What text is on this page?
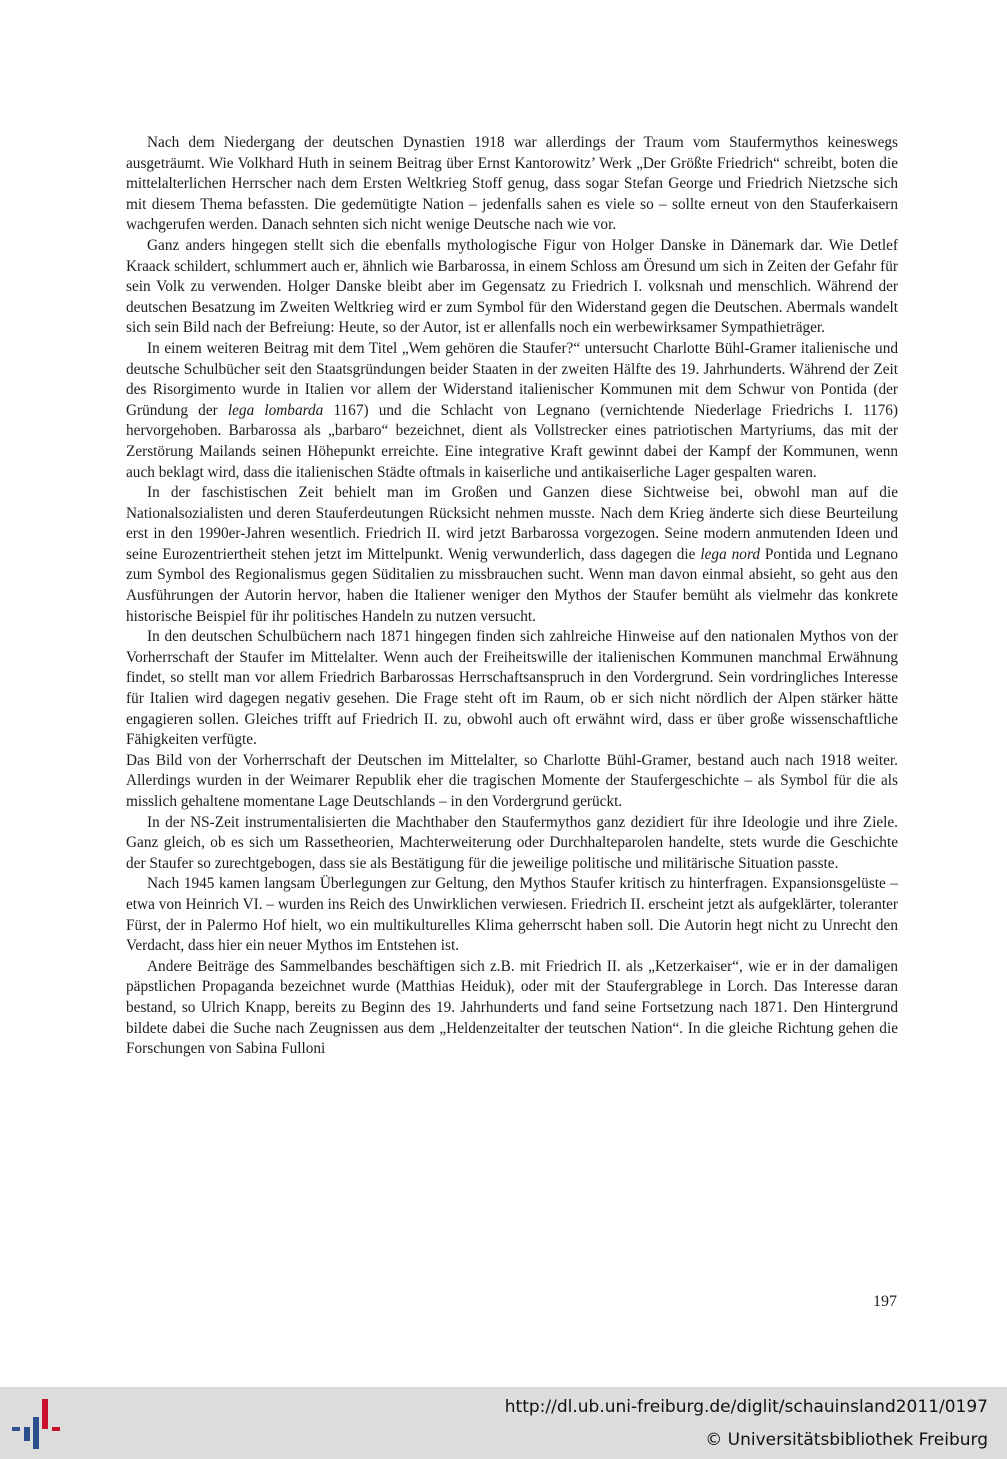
Nach dem Niedergang der deutschen Dynastien 1918 war allerdings der Traum vom Staufermythos keineswegs ausgeträumt. Wie Volkhard Huth in seinem Beitrag über Ernst Kantorowitz’ Werk „Der Größte Friedrich“ schreibt, boten die mittelalterlichen Herrscher nach dem Ersten Weltkrieg Stoff genug, dass sogar Stefan George und Friedrich Nietzsche sich mit diesem Thema befassten. Die gedemütigte Nation – jedenfalls sahen es viele so – sollte erneut von den Stauferkaisern wachgerufen werden. Danach sehnten sich nicht wenige Deutsche nach wie vor.

Ganz anders hingegen stellt sich die ebenfalls mythologische Figur von Holger Danske in Dänemark dar. Wie Detlef Kraack schildert, schlummert auch er, ähnlich wie Barbarossa, in einem Schloss am Öresund um sich in Zeiten der Gefahr für sein Volk zu verwenden. Holger Danske bleibt aber im Gegensatz zu Friedrich I. volksnah und menschlich. Während der deutschen Besatzung im Zweiten Weltkrieg wird er zum Symbol für den Widerstand gegen die Deutschen. Abermals wandelt sich sein Bild nach der Befreiung: Heute, so der Autor, ist er allenfalls noch ein werbewirksamer Sympathieträger.

In einem weiteren Beitrag mit dem Titel „Wem gehören die Staufer?“ untersucht Charlotte Bühl-Gramer italienische und deutsche Schulbücher seit den Staatsgründungen beider Staaten in der zweiten Hälfte des 19. Jahrhunderts. Während der Zeit des Risorgimento wurde in Italien vor allem der Widerstand italienischer Kommunen mit dem Schwur von Pontida (der Gründung der lega lombarda 1167) und die Schlacht von Legnano (vernichtende Niederlage Friedrichs I. 1176) hervorgehoben. Barbarossa als „barbaro“ bezeichnet, dient als Vollstrecker eines patriotischen Martyriums, das mit der Zerstörung Mailands seinen Höhepunkt erreichte. Eine integrative Kraft gewinnt dabei der Kampf der Kommunen, wenn auch beklagt wird, dass die italienischen Städte oftmals in kaiserliche und antikaiserliche Lager gespalten waren.

In der faschistischen Zeit behielt man im Großen und Ganzen diese Sichtweise bei, obwohl man auf die Nationalsozialisten und deren Stauferdeutungen Rücksicht nehmen musste. Nach dem Krieg änderte sich diese Beurteilung erst in den 1990er-Jahren wesentlich. Friedrich II. wird jetzt Barbarossa vorgezogen. Seine modern anmutenden Ideen und seine Eurozentriertheit stehen jetzt im Mittelpunkt. Wenig verwunderlich, dass dagegen die lega nord Pontida und Legnano zum Symbol des Regionalismus gegen Süditalien zu missbrauchen sucht. Wenn man davon einmal absieht, so geht aus den Ausführungen der Autorin hervor, haben die Italiener weniger den Mythos der Staufer bemüht als vielmehr das konkrete historische Beispiel für ihr politisches Handeln zu nutzen versucht.

In den deutschen Schulbüchern nach 1871 hingegen finden sich zahlreiche Hinweise auf den nationalen Mythos von der Vorherrschaft der Staufer im Mittelalter. Wenn auch der Freiheitswille der italienischen Kommunen manchmal Erwähnung findet, so stellt man vor allem Friedrich Barbarossas Herrschaftsanspruch in den Vordergrund. Sein vordringliches Interesse für Italien wird dagegen negativ gesehen. Die Frage steht oft im Raum, ob er sich nicht nördlich der Alpen stärker hätte engagieren sollen. Gleiches trifft auf Friedrich II. zu, obwohl auch oft erwähnt wird, dass er über große wissenschaftliche Fähigkeiten verfügte.

Das Bild von der Vorherrschaft der Deutschen im Mittelalter, so Charlotte Bühl-Gramer, bestand auch nach 1918 weiter. Allerdings wurden in der Weimarer Republik eher die tragischen Momente der Staufergeschichte – als Symbol für die als misslich gehaltene momentane Lage Deutschlands – in den Vordergrund gerückt.

In der NS-Zeit instrumentalisierten die Machthaber den Staufermythos ganz dezidiert für ihre Ideologie und ihre Ziele. Ganz gleich, ob es sich um Rassetheorien, Machterweiterung oder Durchhalteparolen handelte, stets wurde die Geschichte der Staufer so zurechtgebogen, dass sie als Bestätigung für die jeweilige politische und militärische Situation passte.

Nach 1945 kamen langsam Überlegungen zur Geltung, den Mythos Staufer kritisch zu hinterfragen. Expansionsgelüste – etwa von Heinrich VI. – wurden ins Reich des Unwirklichen verwiesen. Friedrich II. erscheint jetzt als aufgeklärter, toleranter Fürst, der in Palermo Hof hielt, wo ein multikulturelles Klima geherrscht haben soll. Die Autorin hegt nicht zu Unrecht den Verdacht, dass hier ein neuer Mythos im Entstehen ist.

Andere Beiträge des Sammelbandes beschäftigen sich z.B. mit Friedrich II. als „Ketzerkaiser“, wie er in der damaligen päpstlichen Propaganda bezeichnet wurde (Matthias Heiduk), oder mit der Staufergrablege in Lorch. Das Interesse daran bestand, so Ulrich Knapp, bereits zu Beginn des 19. Jahrhunderts und fand seine Fortsetzung nach 1871. Den Hintergrund bildete dabei die Suche nach Zeugnissen aus dem „Heldenzeitalter der teutschen Nation“. In die gleiche Richtung gehen die Forschungen von Sabina Fulloni

197
http://dl.ub.uni-freiburg.de/diglit/schauinsland2011/0197
© Universitätsbibliothek Freiburg
